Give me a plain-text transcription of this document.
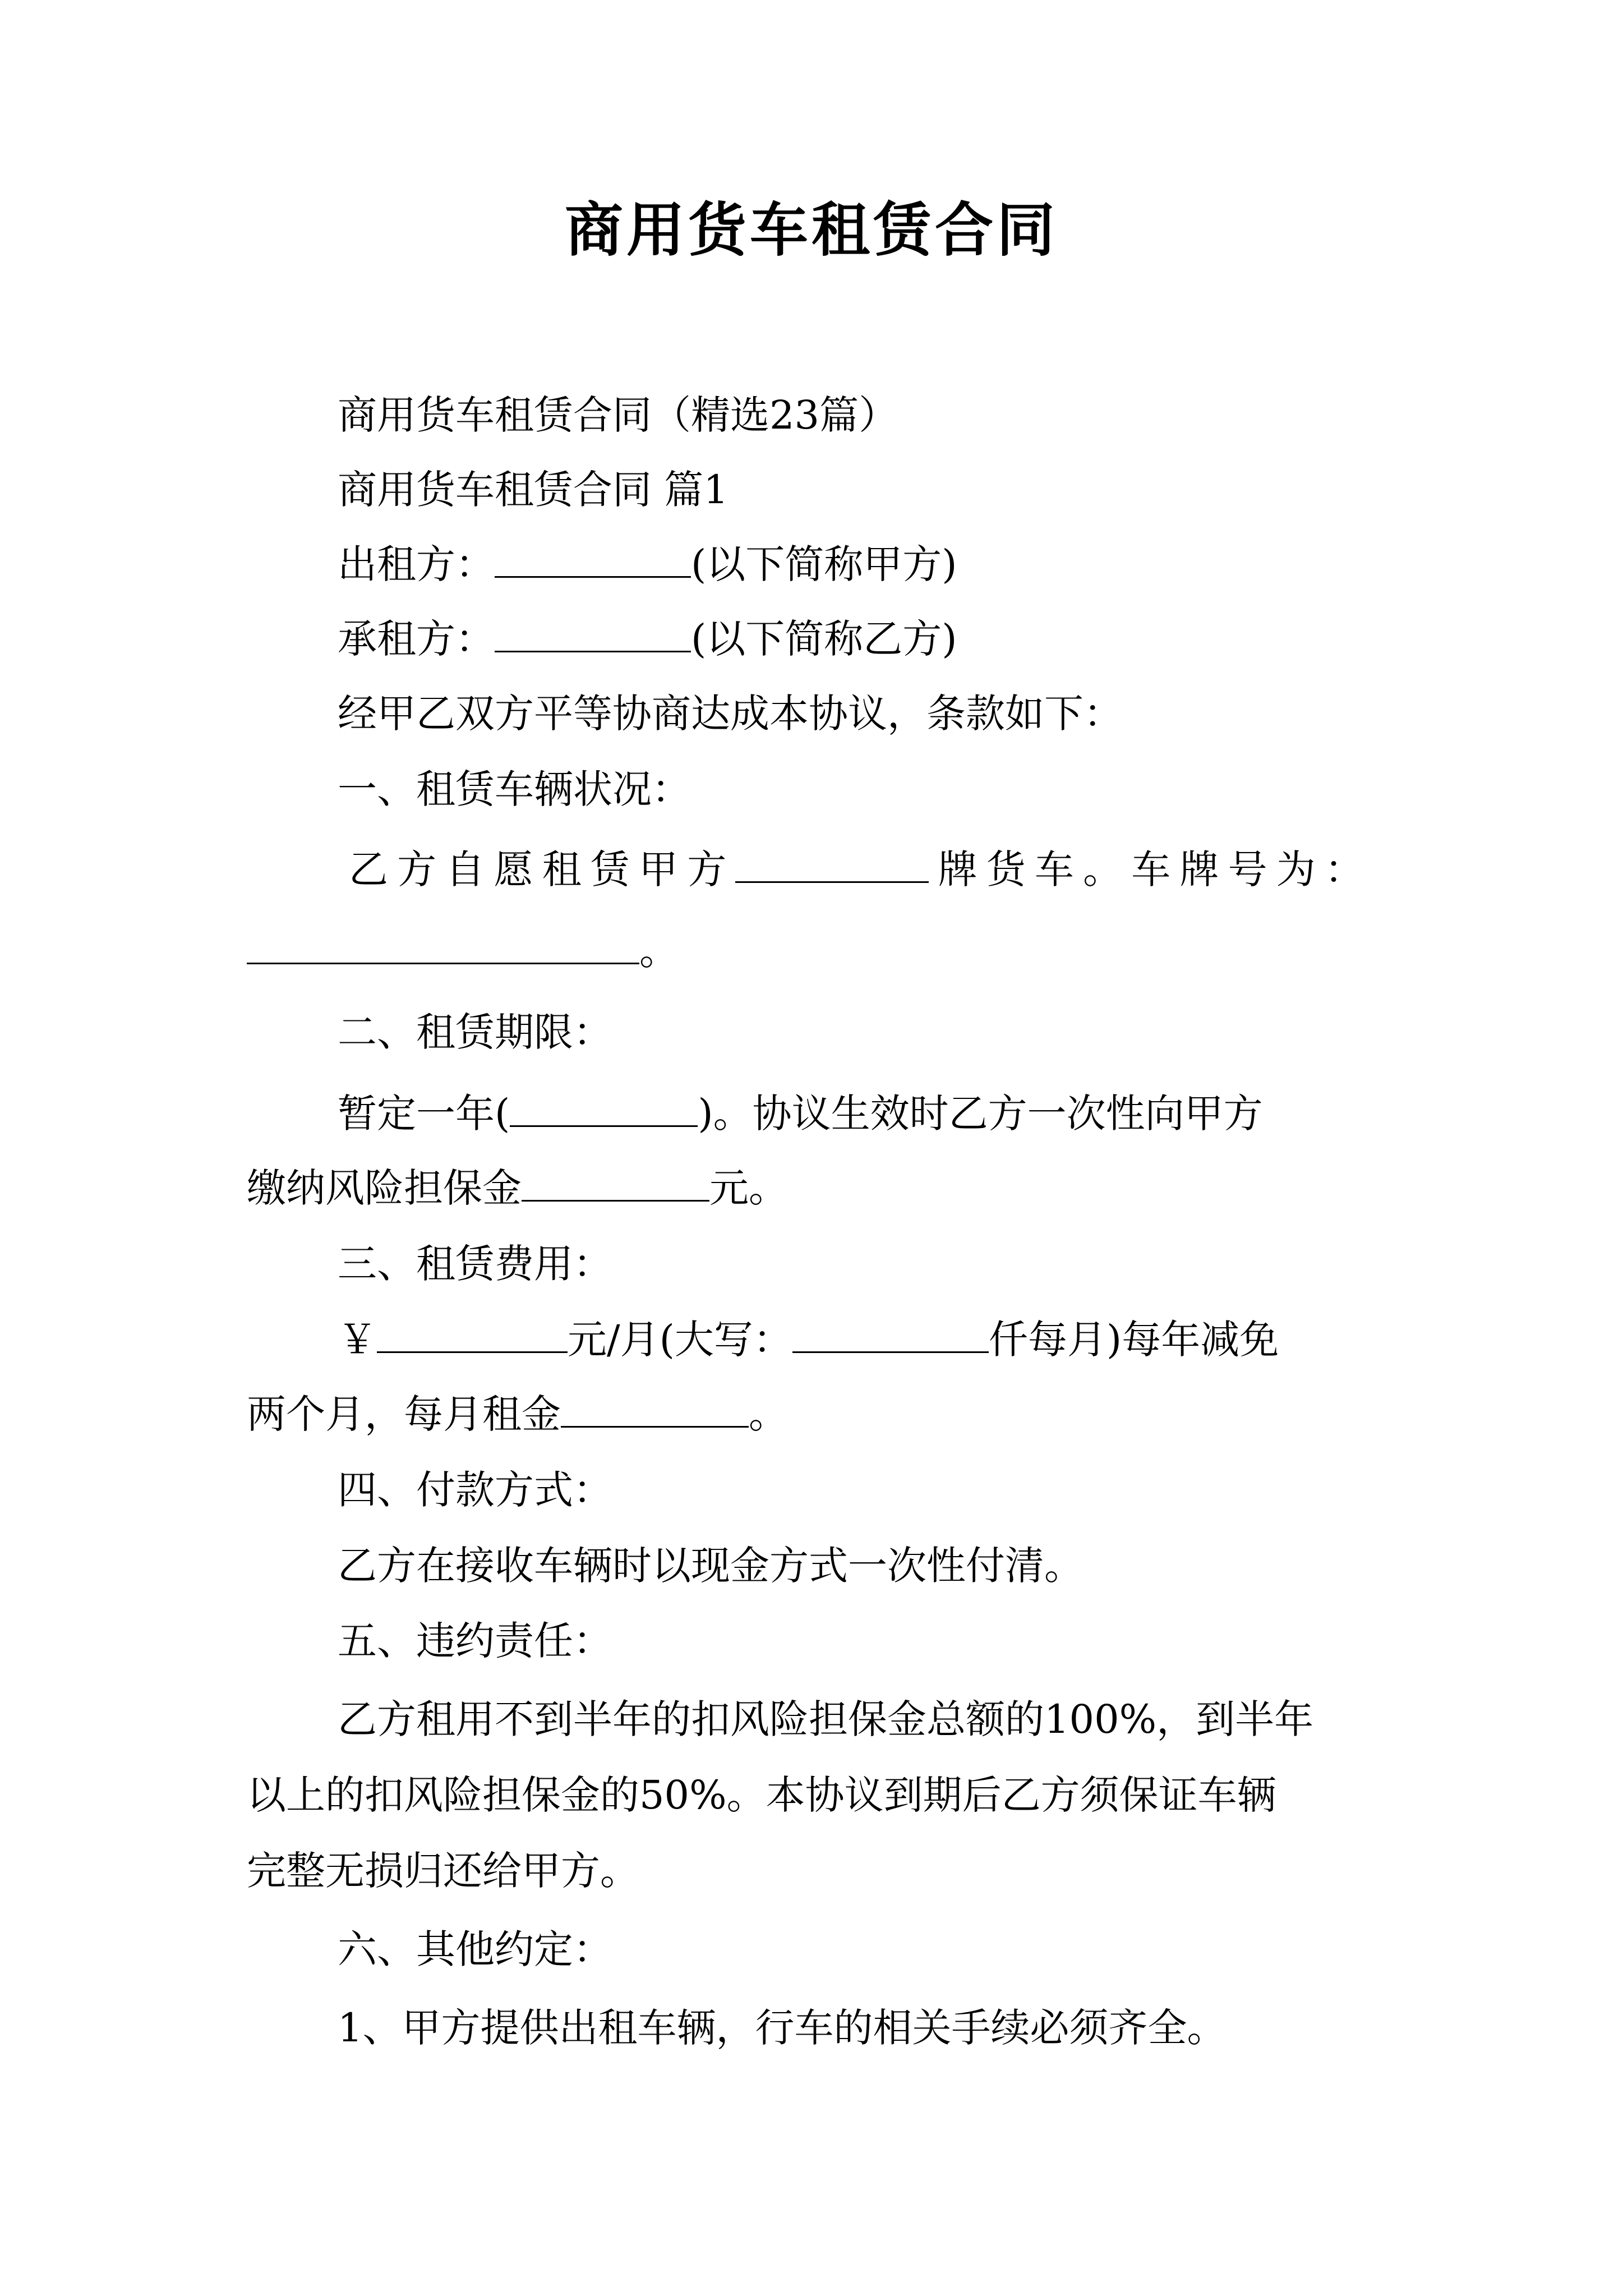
商用货车租赁合同
商用货车租赁合同（精选23篇）
商用货车租赁合同 篇1
出租方：	(以下简称甲方)
承租方：	(以下简称乙方)
经甲乙双方平等协商达成本协议，条款如下：
一、租赁车辆状况：
乙 方 自 愿 租 赁 甲 方	牌 货 车 。 车 牌 号 为 ：
。
二、租赁期限：
暂定一年(	)。协议生效时乙方一次性向甲方
缴纳风险担保金	元。
三、租赁费用：
￥	元/月(大写：	仟每月)每年减免
两个月，每月租金	。
四、付款方式：
乙方在接收车辆时以现金方式一次性付清。
五、违约责任：
乙方租用不到半年的扣风险担保金总额的100%，到半年
以上的扣风险担保金的50%。本协议到期后乙方须保证车辆
完整无损归还给甲方。
六、其他约定：
1、甲方提供出租车辆，行车的相关手续必须齐全。
